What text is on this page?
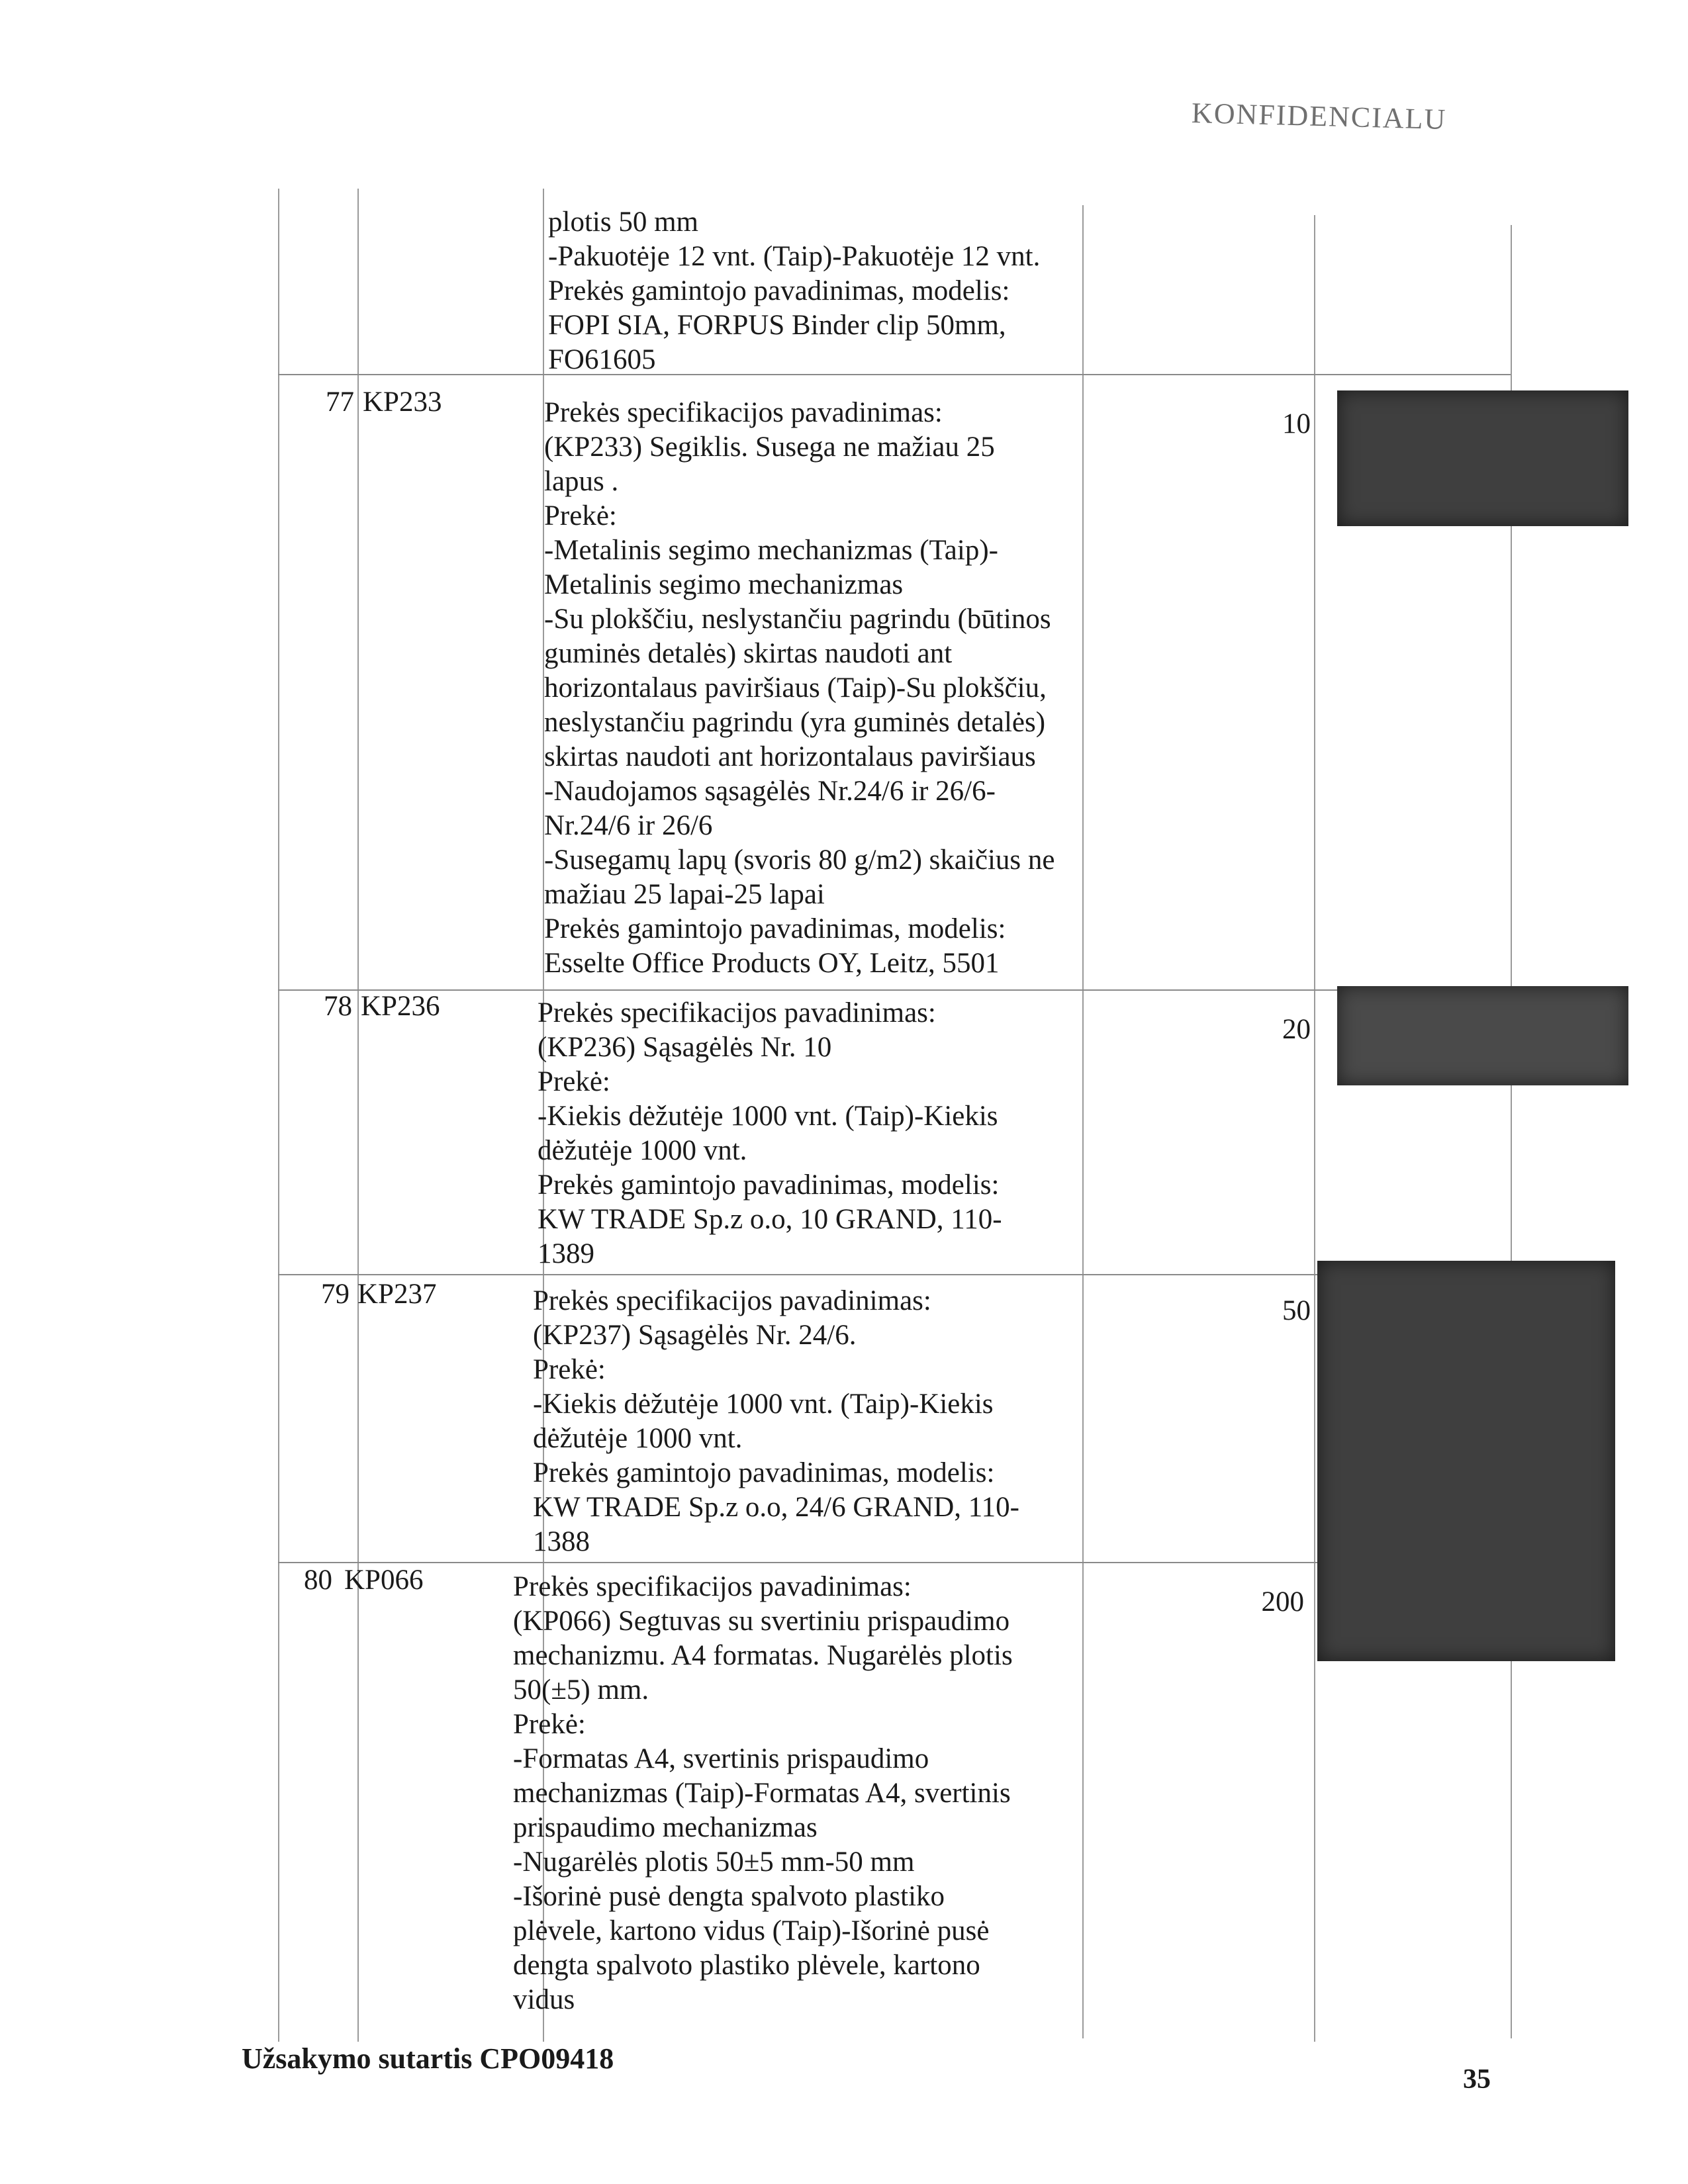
KONFIDENCIALU
plotis 50 mm
-Pakuotėje 12 vnt. (Taip)-Pakuotėje 12 vnt.
Prekės gamintojo pavadinimas, modelis:
FOPI SIA, FORPUS Binder clip 50mm,
FO61605
77 KP233	Prekės specifikacijos pavadinimas:
(KP233) Segiklis. Susega ne mažiau 25
lapus .
Prekė:
-Metalinis segimo mechanizmas (Taip)-
Metalinis segimo mechanizmas
-Su plokščiu, neslystančiu pagrindu (būtinos
guminės detalės) skirtas naudoti ant
horizontalaus paviršiaus (Taip)-Su plokščiu,
neslystančiu pagrindu (yra guminės detalės)
skirtas naudoti ant horizontalaus paviršiaus
-Naudojamos sąsagėlės Nr.24/6 ir 26/6-
Nr.24/6 ir 26/6
-Susegamų lapų (svoris 80 g/m2) skaičius ne
mažiau 25 lapai-25 lapai
Prekės gamintojo pavadinimas, modelis:
Esselte Office Products OY, Leitz, 5501
10
78 KP236	Prekės specifikacijos pavadinimas:
(KP236) Sąsagėlės Nr. 10
Prekė:
-Kiekis dėžutėje 1000 vnt. (Taip)-Kiekis
dėžutėje 1000 vnt.
Prekės gamintojo pavadinimas, modelis:
KW TRADE Sp.z o.o, 10 GRAND, 110-
1389
20
79 KP237	Prekės specifikacijos pavadinimas:
(KP237) Sąsagėlės Nr. 24/6.
Prekė:
-Kiekis dėžutėje 1000 vnt. (Taip)-Kiekis
dėžutėje 1000 vnt.
Prekės gamintojo pavadinimas, modelis:
KW TRADE Sp.z o.o, 24/6 GRAND, 110-
1388
50
80 KP066	Prekės specifikacijos pavadinimas:
(KP066) Segtuvas su svertiniu prispaudimo
mechanizmu. A4 formatas. Nugarėlės plotis
50(±5) mm.
Prekė:
-Formatas A4, svertinis prispaudimo
mechanizmas (Taip)-Formatas A4, svertinis
prispaudimo mechanizmas
-Nugarėlės plotis 50±5 mm-50 mm
-Išorinė pusė dengta spalvoto plastiko
plėvele, kartono vidus (Taip)-Išorinė pusė
dengta spalvoto plastiko plėvele, kartono
vidus
200
Užsakymo sutartis CPO09418
35
